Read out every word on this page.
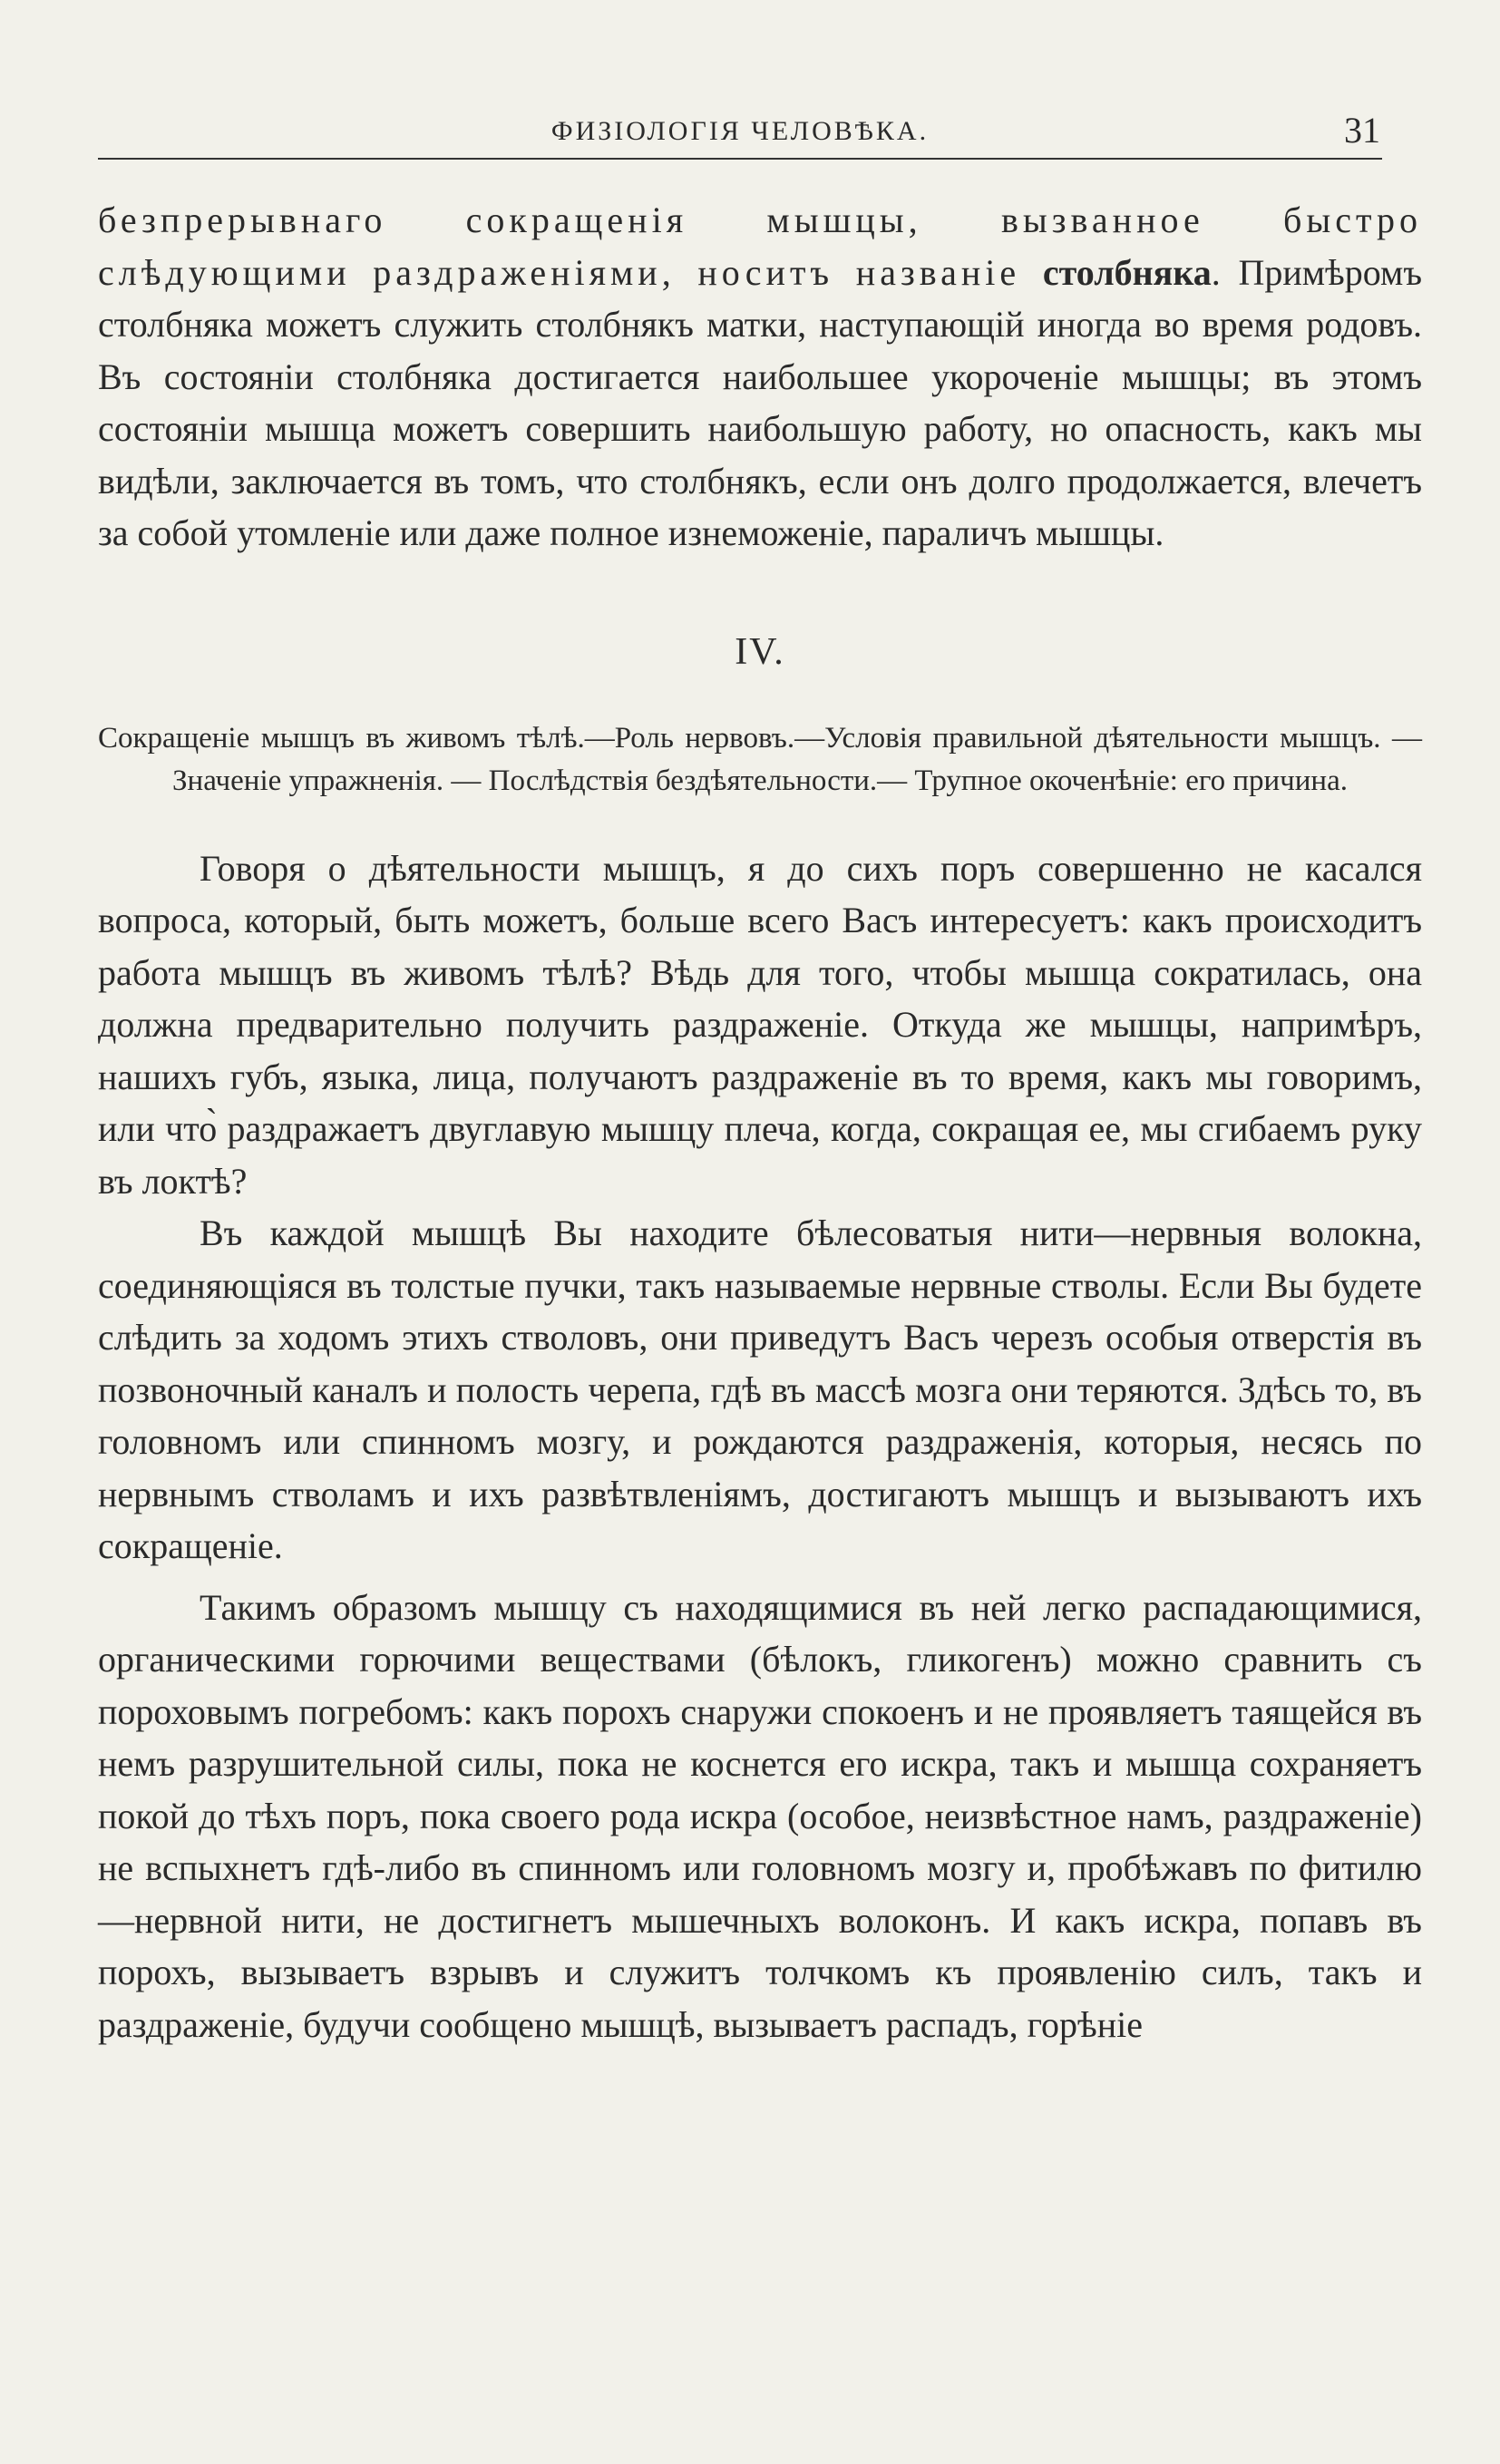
ФИЗІОЛОГІЯ ЧЕЛОВѢКА.	31

безпрерывнаго сокращенія мышцы, вызванное быстро слѣдующими раздраженіями, носитъ названіе столбняка. Примѣромъ столбняка можетъ служить столбнякъ матки, наступающій иногда во время родовъ. Въ состояніи столбняка достигается наибольшее укороченіе мышцы; въ этомъ состояніи мышца можетъ совершить наибольшую работу, но опасность, какъ мы видѣли, заключается въ томъ, что столбнякъ, если онъ долго продолжается, влечетъ за собой утомленіе или даже полное изнеможеніе, параличъ мышцы.

IV.

Сокращеніе мышцъ въ живомъ тѣлѣ.—Роль нервовъ.—Условія правильной дѣятельности мышцъ. — Значеніе упражненія. — Послѣдствія бездѣятельности.— Трупное окоченѣніе: его причина.

Говоря о дѣятельности мышцъ, я до сихъ поръ совершенно не касался вопроса, который, быть можетъ, больше всего Васъ интересуетъ: какъ происходитъ работа мышцъ въ живомъ тѣлѣ? Вѣдь для того, чтобы мышца сократилась, она должна предварительно получить раздраженіе. Откуда же мышцы, напримѣръ, нашихъ губъ, языка, лица, получаютъ раздраженіе въ то время, какъ мы говоримъ, или что̀ раздражаетъ двуглавую мышцу плеча, когда, сокращая ее, мы сгибаемъ руку въ локтѣ?

Въ каждой мышцѣ Вы находите бѣлесоватыя нити—нервныя волокна, соединяющіяся въ толстые пучки, такъ называемые нервные стволы. Если Вы будете слѣдить за ходомъ этихъ стволовъ, они приведутъ Васъ черезъ особыя отверстія въ позвоночный каналъ и полость черепа, гдѣ въ массѣ мозга они теряются. Здѣсь то, въ головномъ или спинномъ мозгу, и рождаются раздраженія, которыя, несясь по нервнымъ стволамъ и ихъ развѣтвленіямъ, достигаютъ мышцъ и вызываютъ ихъ сокращеніе.

Такимъ образомъ мышцу съ находящимися въ ней легко распадающимися, органическими горючими веществами (бѣлокъ, гликогенъ) можно сравнить съ пороховымъ погребомъ: какъ порохъ снаружи спокоенъ и не проявляетъ таящейся въ немъ разрушительной силы, пока не коснется его искра, такъ и мышца сохраняетъ покой до тѣхъ поръ, пока своего рода искра (особое, неизвѣстное намъ, раздраженіе) не вспыхнетъ гдѣ-либо въ спинномъ или головномъ мозгу и, пробѣжавъ по фитилю—нервной нити, не достигнетъ мышечныхъ волоконъ. И какъ искра, попавъ въ порохъ, вызываетъ взрывъ и служитъ толчкомъ къ проявленію силъ, такъ и раздраженіе, будучи сообщено мышцѣ, вызываетъ распадъ, горѣніе
